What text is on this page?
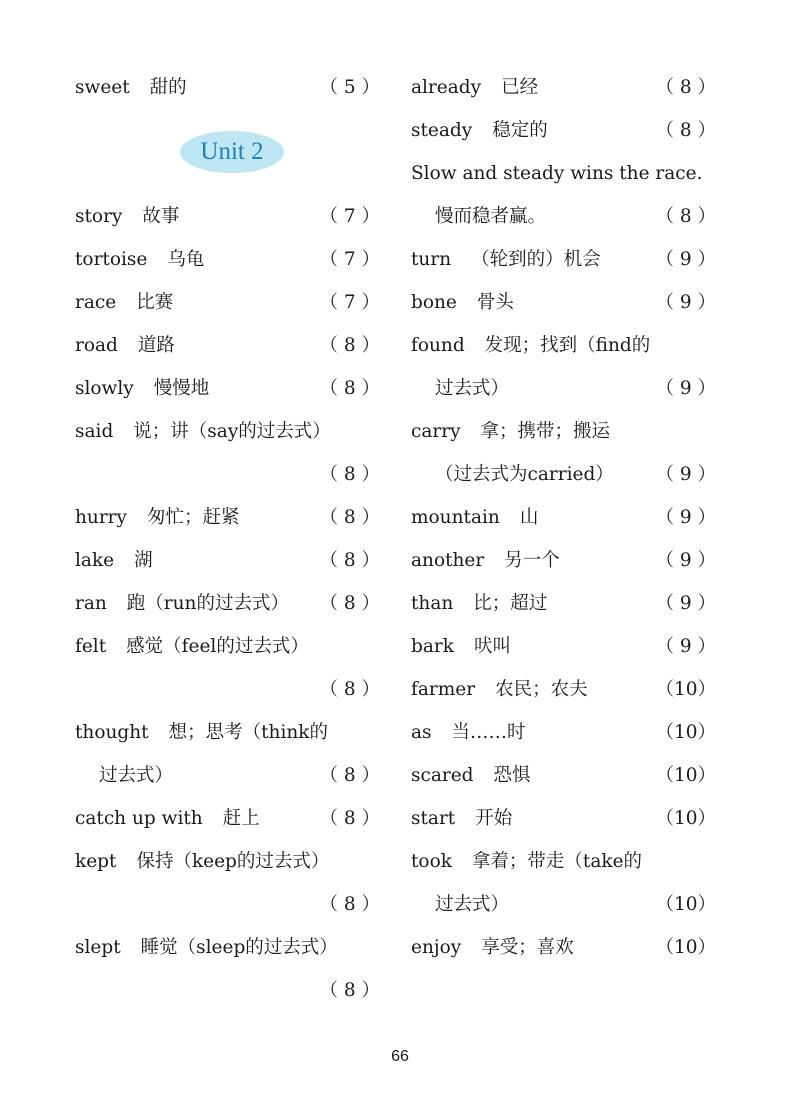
sweet 甜的	（ 5 ）
Unit 2
story 故事	（ 7 ）
tortoise 乌龟	（ 7 ）
race 比赛	（ 7 ）
road 道路	（ 8 ）
slowly 慢慢地	（ 8 ）
said 说；讲（say的过去式）
（ 8 ）
hurry 匆忙；赶紧	（ 8 ）
lake 湖	（ 8 ）
ran 跑（run的过去式） （ 8 ）
felt 感觉（feel的过去式）
（ 8 ）
thought 想；思考（think的
过去式）	（ 8 ）
catch up with 赶上	（ 8 ）
kept 保持（keep的过去式）
（ 8 ）
slept 睡觉（sleep的过去式）
（ 8 ）
already 已经	（ 8 ）
steady 稳定的	（ 8 ）
Slow and steady wins the race.
慢而稳者赢。	（ 8 ）
turn （轮到的）机会	（ 9 ）
bone 骨头	（ 9 ）
found 发现；找到（find的
过去式）	（ 9 ）
carry 拿；携带；搬运
（过去式为carried） （ 9 ）
mountain 山	（ 9 ）
another 另一个	（ 9 ）
than 比；超过	（ 9 ）
bark 吠叫	（ 9 ）
farmer 农民；农夫	（10）
as 当……时	（10）
scared 恐惧	（10）
start 开始	（10）
took 拿着；带走（take的
过去式）	（10）
enjoy 享受；喜欢	（10）
66
